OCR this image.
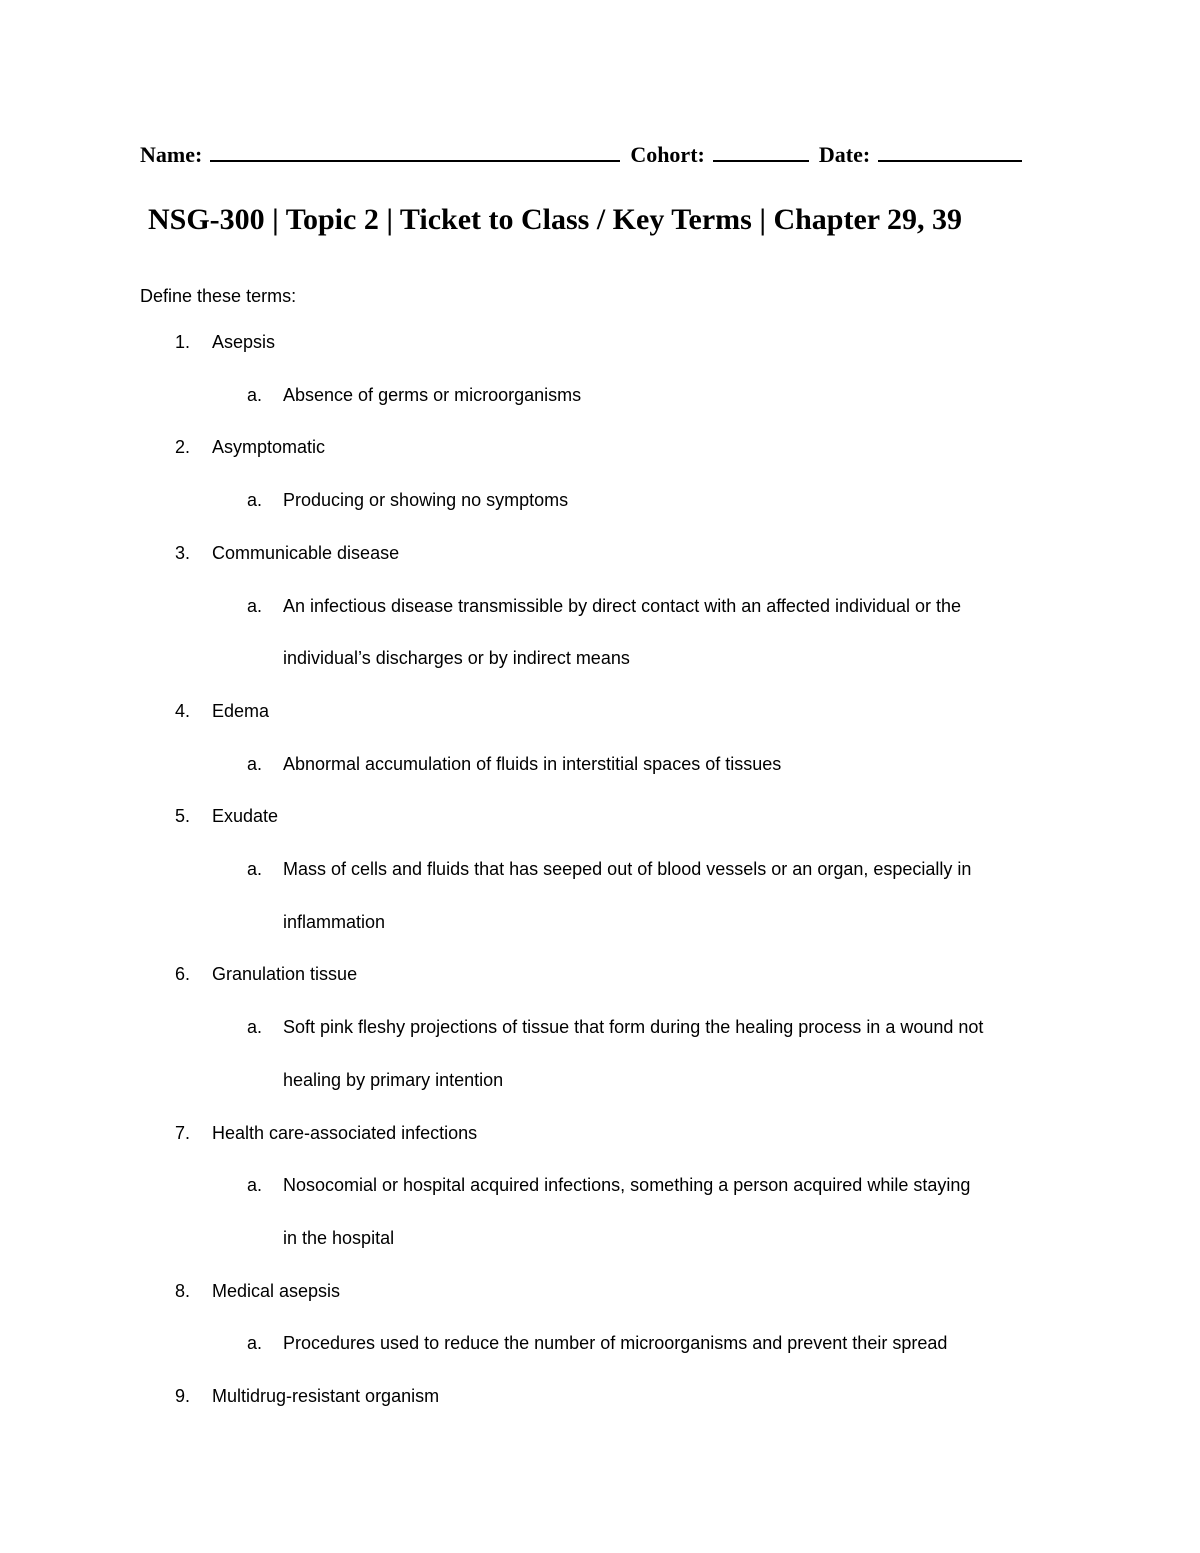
Name:	Cohort:	Date:
NSG-300 | Topic 2 | Ticket to Class / Key Terms | Chapter 29, 39
Define these terms:
1. Asepsis
a. Absence of germs or microorganisms
2. Asymptomatic
a. Producing or showing no symptoms
3. Communicable disease
a. An infectious disease transmissible by direct contact with an affected individual or the
individual’s discharges or by indirect means
4. Edema
a. Abnormal accumulation of fluids in interstitial spaces of tissues
5. Exudate
a. Mass of cells and fluids that has seeped out of blood vessels or an organ, especially in
inflammation
6. Granulation tissue
a. Soft pink fleshy projections of tissue that form during the healing process in a wound not
healing by primary intention
7. Health care-associated infections
a. Nosocomial or hospital acquired infections, something a person acquired while staying
in the hospital
8. Medical asepsis
a. Procedures used to reduce the number of microorganisms and prevent their spread
9. Multidrug-resistant organism
